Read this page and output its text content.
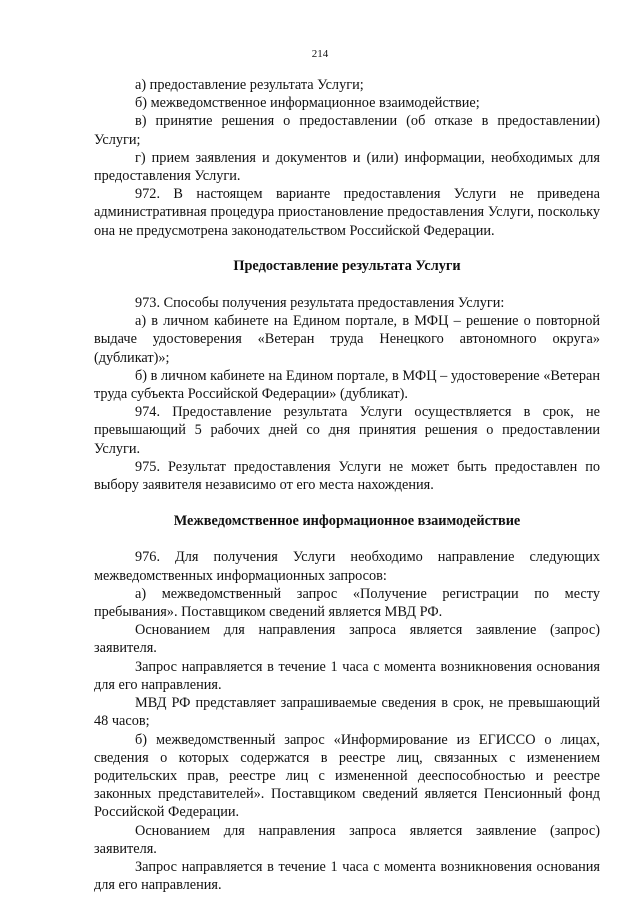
214

а) предоставление результата Услуги;

б) межведомственное информационное взаимодействие;

в) принятие решения о предоставлении (об отказе в предоставлении) Услуги;

г) прием заявления и документов и (или) информации, необходимых для предоставления Услуги.

972. В настоящем варианте предоставления Услуги не приведена административная процедура приостановление предоставления Услуги, поскольку она не предусмотрена законодательством Российской Федерации.

Предоставление результата Услуги

973. Способы получения результата предоставления Услуги:

а) в личном кабинете на Едином портале, в МФЦ – решение о повторной выдаче удостоверения «Ветеран труда Ненецкого автономного округа» (дубликат)»;

б) в личном кабинете на Едином портале, в МФЦ – удостоверение «Ветеран труда субъекта Российской Федерации» (дубликат).

974. Предоставление результата Услуги осуществляется в срок, не превышающий 5 рабочих дней со дня принятия решения о предоставлении Услуги.

975. Результат предоставления Услуги не может быть предоставлен по выбору заявителя независимо от его места нахождения.

Межведомственное информационное взаимодействие

976. Для получения Услуги необходимо направление следующих межведомственных информационных запросов:

а) межведомственный запрос «Получение регистрации по месту пребывания». Поставщиком сведений является МВД РФ.

Основанием для направления запроса является заявление (запрос) заявителя.

Запрос направляется в течение 1 часа с момента возникновения основания для его направления.

МВД РФ представляет запрашиваемые сведения в срок, не превышающий 48 часов;

б) межведомственный запрос «Информирование из ЕГИССО о лицах, сведения о которых содержатся в реестре лиц, связанных с изменением родительских прав, реестре лиц с измененной дееспособностью и реестре законных представителей». Поставщиком сведений является Пенсионный фонд Российской Федерации.

Основанием для направления запроса является заявление (запрос) заявителя.

Запрос направляется в течение 1 часа с момента возникновения основания для его направления.
